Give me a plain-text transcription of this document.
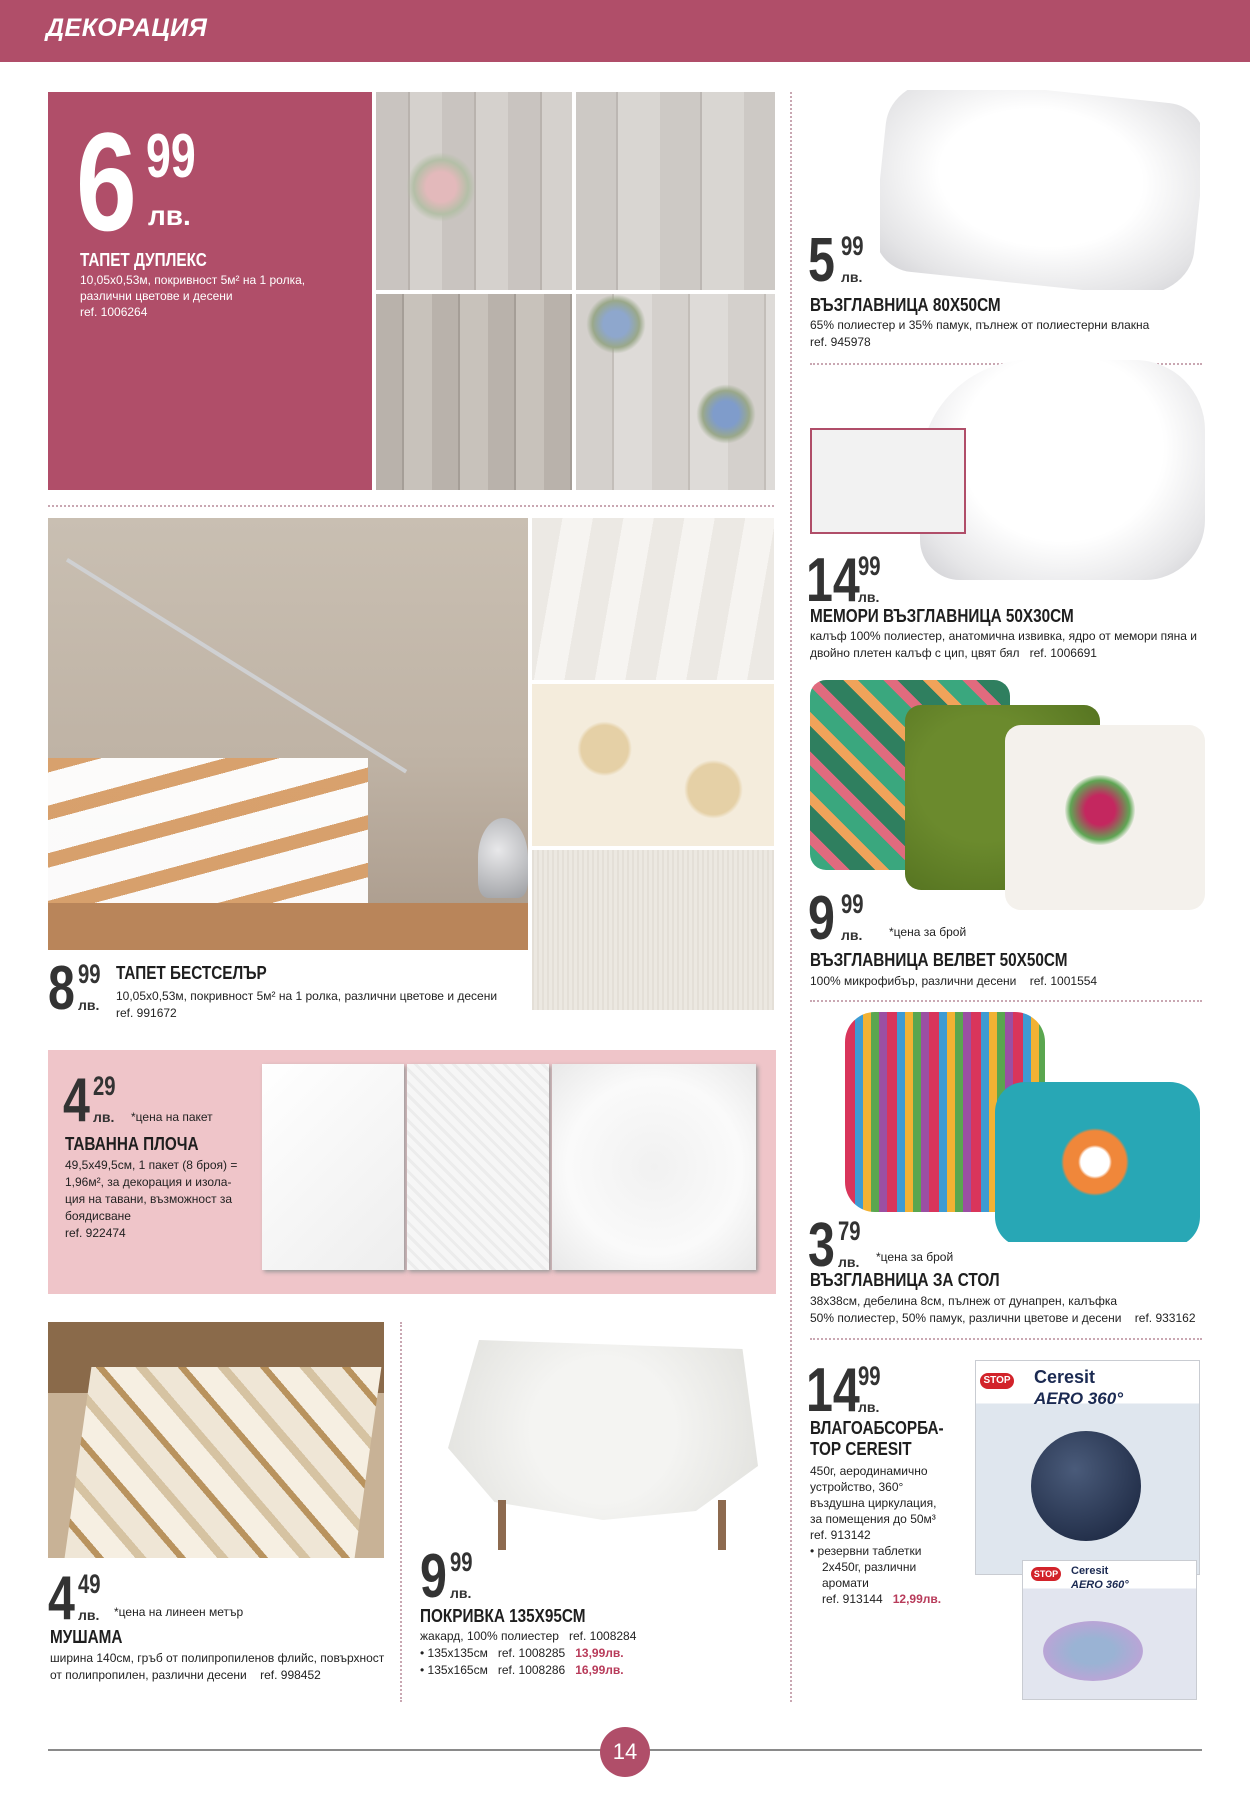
ДЕКОРАЦИЯ
6 99
лв.
ТАПЕТ ДУПЛЕКС
10,05х0,53м, покривност 5м² на 1 ролка,
различни цветове и десени
ref. 1006264
5 99
лв.
ВЪЗГЛАВНИЦА 80Х50СМ
65% полиестер и 35% памук, пълнеж от полиестерни влакна
ref. 945978
14
99
лв.
МЕМОРИ ВЪЗГЛАВНИЦА 50Х30СМ
калъф 100% полиестер, анатомична извивка, ядро от мемори пяна и
двойно плетен калъф с цип, цвят бял ref. 1006691
9 99
лв. *цена за брой
ВЪЗГЛАВНИЦА ВЕЛВЕТ 50Х50СМ
100% микрофибър, различни десени ref. 1001554
8 99
лв.
ТАПЕТ БЕСТСЕЛЪР
10,05х0,53м, покривност 5м² на 1 ролка, различни цветове и десени
ref. 991672
4 29
лв. *цена на пакет
ТАВАННА ПЛОЧА
49,5х49,5см, 1 пакет (8 броя) =
1,96м², за декорация и изола-
ция на тавани, възможност за
боядисване
ref. 922474	3 79
лв. *цена за брой
ВЪЗГЛАВНИЦА ЗА СТОЛ
38х38см, дебелина 8см, пълнеж от дунапрен, калъфка
50% полиестер, 50% памук, различни цветове и десени ref. 933162
4 49
лв. *цена на линеен метър
МУШАМА
ширина 140см, гръб от полипропиленов флийс, повърхност
от полипропилен, различни десени ref. 998452
9 99
лв.
ПОКРИВКА 135Х95СМ
жакард, 100% полиестер ref. 1008284
• 135х135см ref. 1008285 13,99лв.
• 135х165см ref. 1008286 16,99лв.
14
99
лв.
ВЛАГОАБСОРБА-
ТОР CERESIT
450г, аеродинамично
устройство, 360°
въздушна циркулация,
за помещения до 50м³
ref. 913142
• резервни таблетки
2х450г, различни
аромати
ref. 913144 12,99лв.
Ceresit
AERO 360°
STOP
STOP Ceresit
AERO 360°
14
